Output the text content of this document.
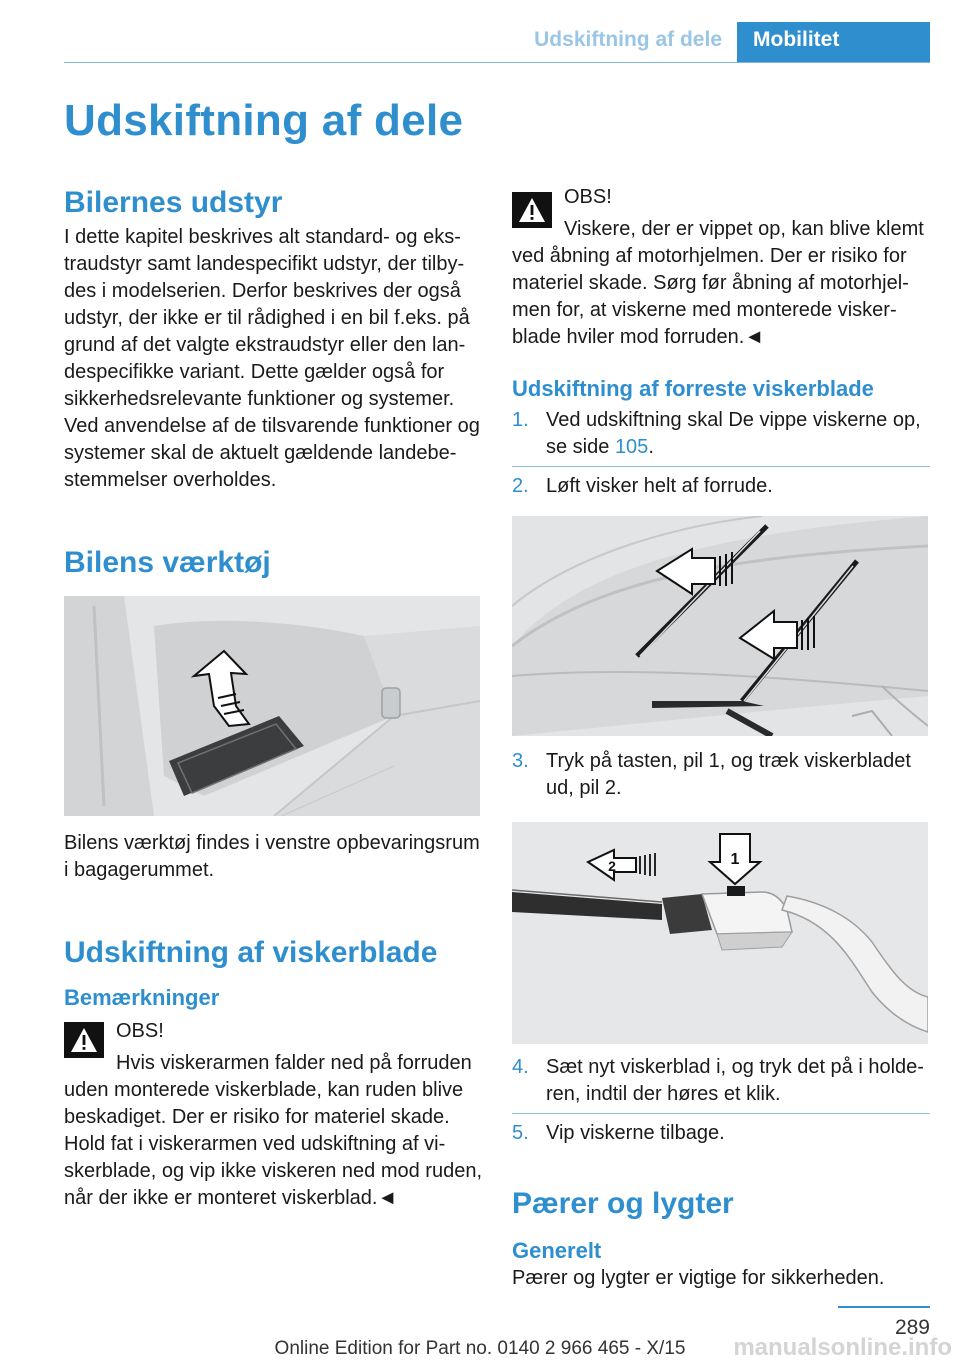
Udskiftning af dele	Mobilitet
Udskiftning af dele
Bilernes udstyr

I dette kapitel beskrives alt standard- og eks-traudstyr samt landespecifikt udstyr, der tilby-des i modelserien. Derfor beskrives der også udstyr, der ikke er til rådighed i en bil f.eks. på grund af det valgte ekstraudstyr eller den lan-despecifikke variant. Dette gælder også for sikkerhedsrelevante funktioner og systemer. Ved anvendelse af de tilsvarende funktioner og systemer skal de aktuelt gældende landebe-stemmelser overholdes.

Bilens værktøj

Bilens værktøj findes i venstre opbevaringsrum i bagagerummet.

Udskiftning af viskerblade
Bemærkninger

OBS!

Hvis viskerarmen falder ned på forruden uden monterede viskerblade, kan ruden blive beskadiget. Der er risiko for materiel skade. Hold fat i viskerarmen ved udskiftning af vi-skerblade, og vip ikke viskeren ned mod ruden, når der ikke er monteret viskerblad.◄

OBS!

Viskere, der er vippet op, kan blive klemt ved åbning af motorhjelmen. Der er risiko for materiel skade. Sørg før åbning af motorhjel-men for, at viskerne med monterede visker-blade hviler mod forruden.◄

Udskiftning af forreste viskerblade
1. Ved udskiftning skal De vippe viskerne op, se side 105.
2. Løft visker helt af forrude.
3. Tryk på tasten, pil 1, og træk viskerbladet ud, pil 2.
1
2
4. Sæt nyt viskerblad i, og tryk det på i holde-ren, indtil der høres et klik.
5. Vip viskerne tilbage.
Pærer og lygter
Generelt

Pærer og lygter er vigtige for sikkerheden.

289
Online Edition for Part no. 0140 2 966 465 - X/15	manualsonline.info
